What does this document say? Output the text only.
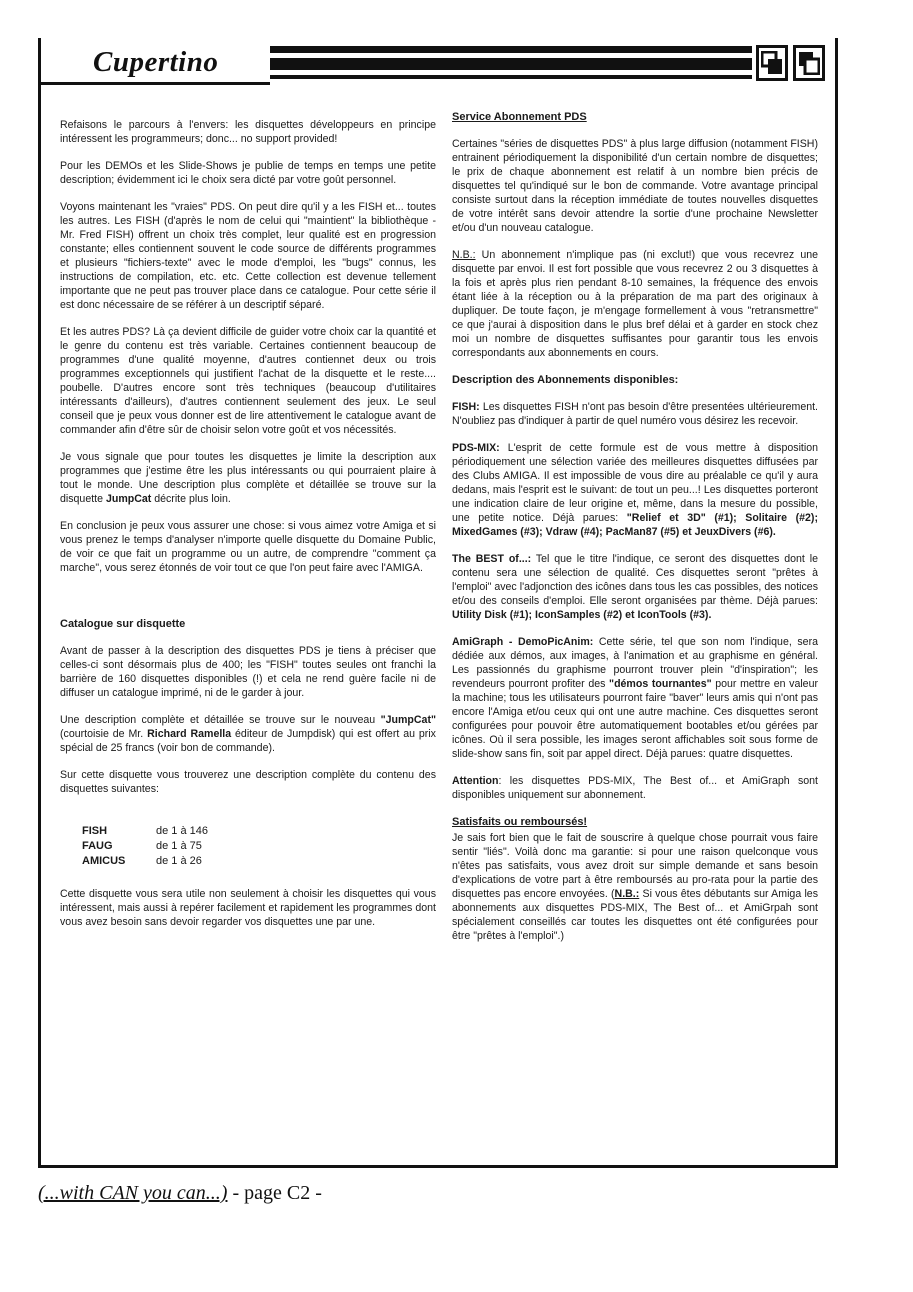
Cupertino

Refaisons le parcours à l'envers: les disquettes développeurs en principe intéressent les programmeurs; donc... no support provided!

Pour les DEMOs et les Slide-Shows je publie de temps en temps une petite description; évidemment ici le choix sera dicté par votre goût personnel.

Voyons maintenant les "vraies" PDS. On peut dire qu'il y a les FISH et... toutes les autres. Les FISH (d'après le nom de celui qui "maintient" la bibliothèque - Mr. Fred FISH) offrent un choix très complet, leur qualité est en progression constante; elles contiennent souvent le code source de différents programmes et plusieurs "fichiers-texte" avec le mode d'emploi, les "bugs" connus, les instructions de compilation, etc. etc. Cette collection est devenue tellement importante que ne peut pas trouver place dans ce catalogue. Pour cette série il est donc nécessaire de se référer à un descriptif séparé.

Et les autres PDS? Là ça devient difficile de guider votre choix car la quantité et le genre du contenu est très variable. Certaines contiennent beaucoup de programmes d'une qualité moyenne, d'autres contiennet deux ou trois programmes exceptionnels qui justifient l'achat de la disquette et le reste.... poubelle. D'autres encore sont très techniques (beaucoup d'utilitaires intéressants d'ailleurs), d'autres contiennent seulement des jeux. Le seul conseil que je peux vous donner est de lire attentivement le catalogue avant de commander afin d'être sûr de choisir selon votre goût et vos nécessités.

Je vous signale que pour toutes les disquettes je limite la description aux programmes que j'estime être les plus intéressants ou qui pourraient plaire à tout le monde. Une description plus complète et détaillée se trouve sur la disquette JumpCat décrite plus loin.

En conclusion je peux vous assurer une chose: si vous aimez votre Amiga et si vous prenez le temps d'analyser n'importe quelle disquette du Domaine Public, de voir ce que fait un programme ou un autre, de comprendre "comment ça marche", vous serez étonnés de voir tout ce que l'on peut faire avec l'AMIGA.

Catalogue sur disquette

Avant de passer à la description des disquettes PDS je tiens à préciser que celles-ci sont désormais plus de 400; les "FISH" toutes seules ont franchi la barrière de 160 disquettes disponibles (!) et cela ne rend guère facile ni de diffuser un catalogue imprimé, ni de le garder à jour.

Une description complète et détaillée se trouve sur le nouveau "JumpCat" (courtoisie de Mr. Richard Ramella éditeur de Jumpdisk) qui est offert au prix spécial de 25 francs (voir bon de commande).

Sur cette disquette vous trouverez une description complète du contenu des disquettes suivantes:

FISH	de 1 à 146
FAUG	de 1 à 75
AMICUS	de 1 à 26

Cette disquette vous sera utile non seulement à choisir les disquettes qui vous intéressent, mais aussi à repérer facilement et rapidement les programmes dont vous avez besoin sans devoir regarder vos disquettes une par une.

Service Abonnement PDS

Certaines "séries de disquettes PDS" à plus large diffusion (notamment FISH) entrainent périodiquement la disponibilité d'un certain nombre de disquettes; le prix de chaque abonnement est relatif à un nombre bien précis de disquettes tel qu'indiqué sur le bon de commande. Votre avantage principal consiste surtout dans la réception immédiate de toutes nouvelles disquettes de votre intérêt sans devoir attendre la sortie d'une prochaine Newsletter et/ou d'un nouveau catalogue.

N.B.: Un abonnement n'implique pas (ni exclut!) que vous recevrez une disquette par envoi. Il est fort possible que vous recevrez 2 ou 3 disquettes à la fois et après plus rien pendant 8-10 semaines, la fréquence des envois étant liée à la réception ou à la préparation de ma part des originaux à dupliquer. De toute façon, je m'engage formellement à vous "retransmettre" ce que j'aurai à disposition dans le plus bref délai et à garder en stock chez moi un nombre de disquettes suffisantes pour garantir tous les envois correspondants aux abonnements en cours.

Description des Abonnements disponibles:

FISH: Les disquettes FISH n'ont pas besoin d'être presentées ultérieurement. N'oubliez pas d'indiquer à partir de quel numéro vous désirez les recevoir.

PDS-MIX: L'esprit de cette formule est de vous mettre à disposition périodiquement une sélection variée des meilleures disquettes diffusées par des Clubs AMIGA. Il est impossible de vous dire au préalable ce qu'il y aura dedans, mais l'esprit est le suivant: de tout un peu...! Les disquettes porteront une indication claire de leur origine et, même, dans la mesure du possible, une petite notice. Déjà parues: "Relief et 3D" (#1); Solitaire (#2); MixedGames (#3); Vdraw (#4); PacMan87 (#5) et JeuxDivers (#6).

The BEST of...: Tel que le titre l'indique, ce seront des disquettes dont le contenu sera une sélection de qualité. Ces disquettes seront "prêtes à l'emploi" avec l'adjonction des icônes dans tous les cas possibles, des notices et/ou des conseils d'emploi. Elle seront organisées par thème. Déjà parues: Utility Disk (#1); IconSamples (#2) et IconTools (#3).

AmiGraph - DemoPicAnim: Cette série, tel que son nom l'indique, sera dédiée aux démos, aux images, à l'animation et au graphisme en général. Les passionnés du graphisme pourront trouver plein "d'inspiration"; les revendeurs pourront profiter des "démos tournantes" pour mettre en valeur la machine; tous les utilisateurs pourront faire "baver" leurs amis qui n'ont pas encore l'Amiga et/ou ceux qui ont une autre machine. Ces disquettes seront configurées pour pouvoir être automatiquement bootables et/ou gérées par icônes. Où il sera possible, les images seront affichables soit sous forme de slide-show sans fin, soit par appel direct. Déjà parues: quatre disquettes.

Attention: les disquettes PDS-MIX, The Best of... et AmiGraph sont disponibles uniquement sur abonnement.

Satisfaits ou remboursés!

Je sais fort bien que le fait de souscrire à quelque chose pourrait vous faire sentir "liés". Voilà donc ma garantie: si pour une raison quelconque vous n'êtes pas satisfaits, vous avez droit sur simple demande et sans besoin d'explications de votre part à être remboursés au pro-rata pour la partie des disquettes pas encore envoyées. (N.B.: Si vous êtes débutants sur Amiga les abonnements aux disquettes PDS-MIX, The Best of... et AmiGrpah sont spécialement conseillés car toutes les disquettes ont été configurées pour être "prêtes à l'emploi".)

(...with CAN you can...) - page C2 -
